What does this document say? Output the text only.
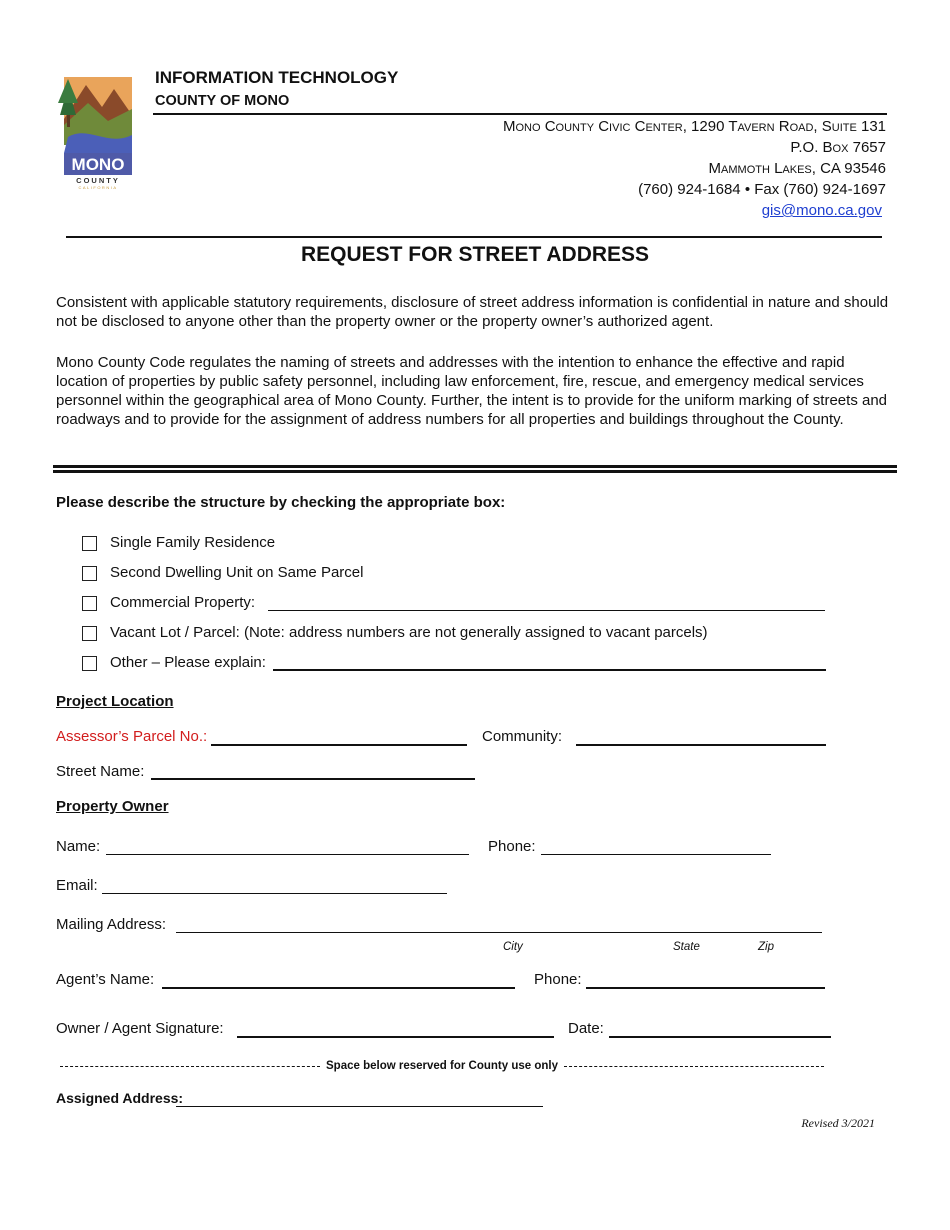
MONO
COUNTY
CALIFORNIA
INFORMATION TECHNOLOGY
COUNTY OF MONO
Mono County Civic Center, 1290 Tavern Road, Suite 131
P.O. Box 7657
Mammoth Lakes, CA 93546
(760) 924-1684 • Fax (760) 924-1697
gis@mono.ca.gov
REQUEST FOR STREET ADDRESS
Consistent with applicable statutory requirements, disclosure of street address information is confidential in nature and should not be disclosed to anyone other than the property owner or the property owner’s authorized agent.
Mono County Code regulates the naming of streets and addresses with the intention to enhance the effective and rapid location of properties by public safety personnel, including law enforcement, fire, rescue, and emergency medical services personnel within the geographical area of Mono County. Further, the intent is to provide for the uniform marking of streets and roadways and to provide for the assignment of address numbers for all properties and buildings throughout the County.
Please describe the structure by checking the appropriate box:
Single Family Residence
Second Dwelling Unit on Same Parcel
Commercial Property:
Vacant Lot / Parcel: (Note: address numbers are not generally assigned to vacant parcels)
Other – Please explain:
Project Location
Assessor’s Parcel No.:	Community:
Street Name:
Property Owner
Name:	Phone:
Email:
Mailing Address:
City	State	Zip
Agent’s Name:	Phone:
Owner / Agent Signature:	Date:
Space below reserved for County use only
Assigned Address:
Revised 3/2021
